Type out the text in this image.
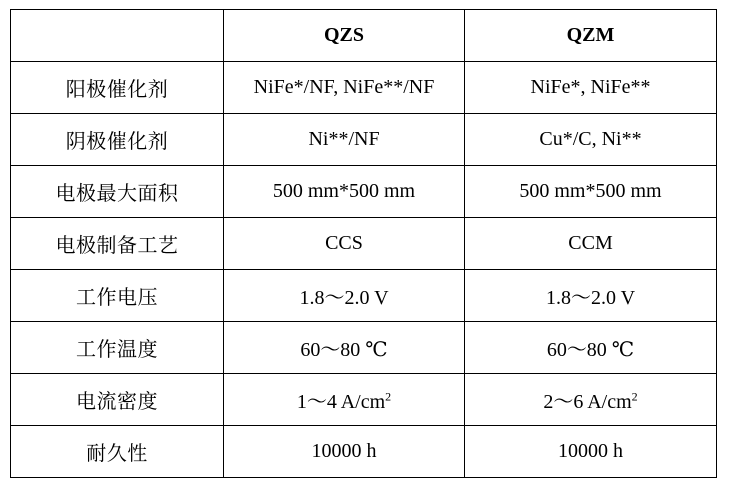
	QZS	QZM
阳极催化剂	NiFe*/NF, NiFe**/NF	NiFe*, NiFe**
阴极催化剂	Ni**/NF	Cu*/C, Ni**
电极最大面积	500 mm*500 mm	500 mm*500 mm
电极制备工艺	CCS	CCM
工作电压	1.8～2.0 V	1.8～2.0 V
工作温度	60～80 ℃	60～80 ℃
电流密度	1～4 $A/cm^2$	2～6 $A/cm^2$
耐久性	10000 h	10000 h
